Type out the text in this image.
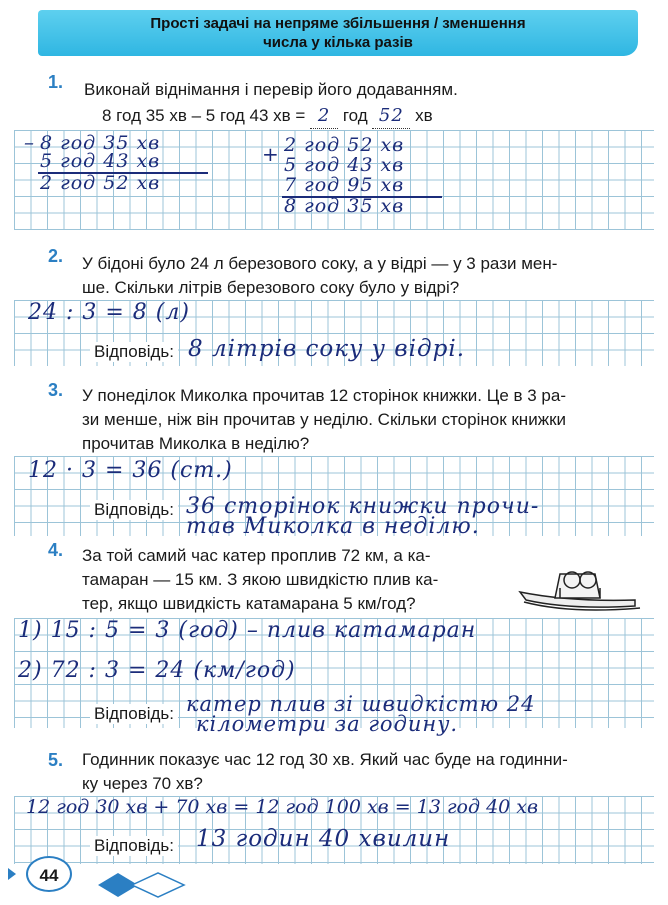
Прості задачі на непряме збільшення / зменшення
числа у кілька разів
1. Виконай віднімання і перевір його додаванням.
8 год 35 хв – 5 год 43 хв = 2 год 52 хв
– 8 год 35 хв
5 год 43 хв
2 год 52 хв
+ 2 год 52 хв
5 год 43 хв
7 год 95 хв
8 год 35 хв
2. У бідоні було 24 л березового соку, а у відрі — у 3 рази мен-
ше. Скільки літрів березового соку було у відрі?
24 : 3 = 8 (л)
Відповідь: 8 літрів соку у відрі.
3. У понеділок Миколка прочитав 12 сторінок книжки. Це в 3 ра-
зи менше, ніж він прочитав у неділю. Скільки сторінок книжки
прочитав Миколка в неділю?
12 · 3 = 36 (ст.)
Відповідь: 36 сторінок книжки прочи-
тав Миколка в неділю.
4. За той самий час катер проплив 72 км, а ка-
тамаран — 15 км. З якою швидкістю плив ка-
тер, якщо швидкість катамарана 5 км/год?
1) 15 : 5 = 3 (год) – плив катамаран
2) 72 : 3 = 24 (км/год)
Відповідь: катер плив зі швидкістю 24
кілометри за годину.
5. Годинник показує час 12 год 30 хв. Який час буде на годинни-
ку через 70 хв?
12 год 30 хв + 70 хв = 12 год 100 хв = 13 год 40 хв
Відповідь: 13 годин 40 хвилин
44
